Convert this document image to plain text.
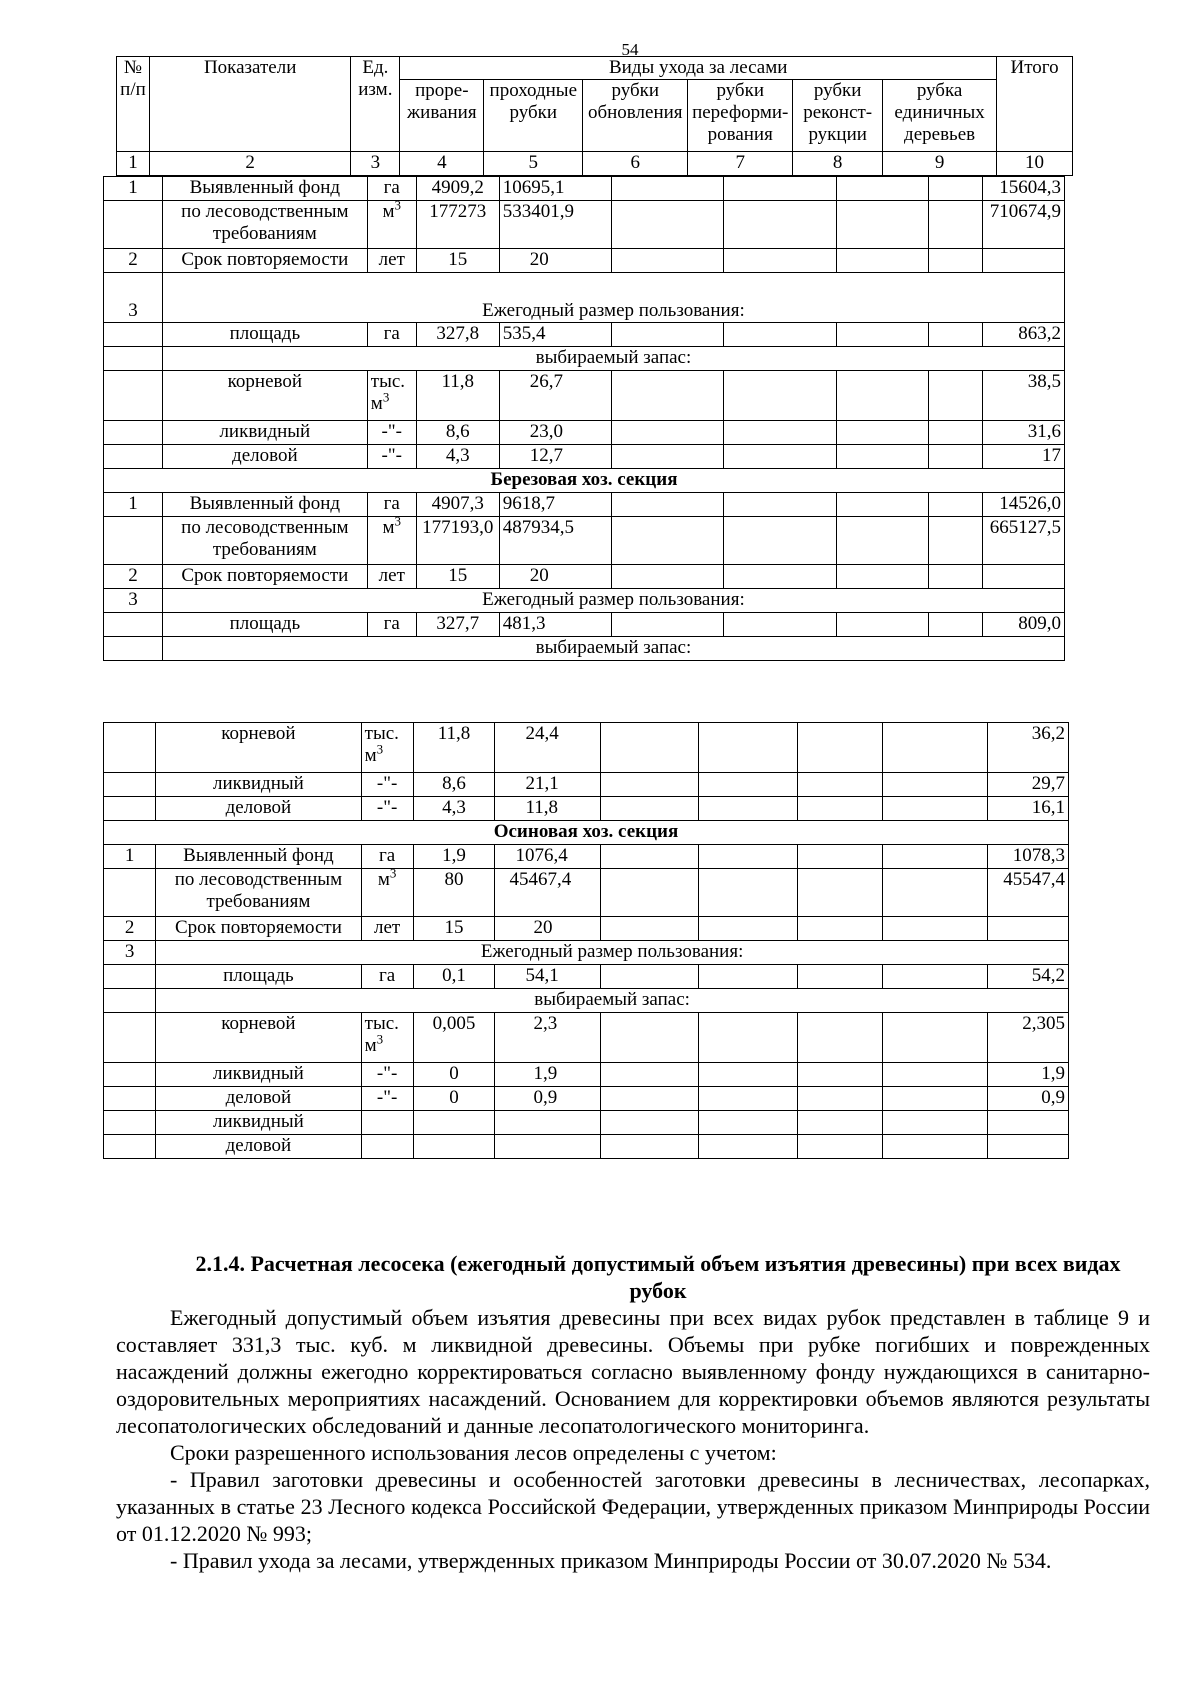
54
№ п/п	Показатели	Ед. изм.	Виды ухода за лесами						Итого
			проре-живания	проходные рубки	рубки обновления	рубки переформи-рования	рубки реконст-рукции	рубка единичных деревьев	
1	2	3	4	5	6	7	8	9	10
1	Выявленный фонд	га	4909,2	10695,1					15604,3
	по лесоводственным требованиям	$м^3$	177273	533401,9					710674,9
2	Срок повторяемости	лет	15	20					
3	Ежегодный размер пользования:								
	площадь	га	327,8	535,4					863,2
	выбираемый запас:								
	корневой	тыс. $м^3$	11,8	26,7					38,5
	ликвидный	-"-	8,6	23,0					31,6
	деловой	-"-	4,3	12,7					17
Березовая хоз. секция									
1	Выявленный фонд	га	4907,3	9618,7					14526,0
	по лесоводственным требованиям	$м^3$	177193,0	487934,5					665127,5
2	Срок повторяемости	лет	15	20					
3	Ежегодный размер пользования:								
	площадь	га	327,7	481,3					809,0
	выбираемый запас:								
	корневой	тыс. $м^3$	11,8	24,4					36,2
	ликвидный	-"-	8,6	21,1					29,7
	деловой	-"-	4,3	11,8					16,1
Осиновая хоз. секция									
1	Выявленный фонд	га	1,9	1076,4					1078,3
	по лесоводственным требованиям	$м^3$	80	45467,4					45547,4
2	Срок повторяемости	лет	15	20					
3	Ежегодный размер пользования:								
	площадь	га	0,1	54,1					54,2
	выбираемый запас:								
	корневой	тыс. $м^3$	0,005	2,3					2,305
	ликвидный	-"-	0	1,9					1,9
	деловой	-"-	0	0,9					0,9
	ликвидный								
	деловой								
2.1.4. Расчетная лесосека (ежегодный допустимый объем изъятия древесины) при всех видах рубок

Ежегодный допустимый объем изъятия древесины при всех видах рубок представлен в таблице 9 и составляет 331,3 тыс. куб. м ликвидной древесины. Объемы при рубке погибших и поврежденных насаждений должны ежегодно корректироваться согласно выявленному фонду нуждающихся в санитарно-оздоровительных мероприятиях насаждений. Основанием для корректировки объемов являются результаты лесопатологических обследований и данные лесопатологического мониторинга.

Сроки разрешенного использования лесов определены с учетом:

- Правил заготовки древесины и особенностей заготовки древесины в лесничествах, лесопарках, указанных в статье 23 Лесного кодекса Российской Федерации, утвержденных приказом Минприроды России от 01.12.2020 № 993;

- Правил ухода за лесами, утвержденных приказом Минприроды России от 30.07.2020 № 534.
